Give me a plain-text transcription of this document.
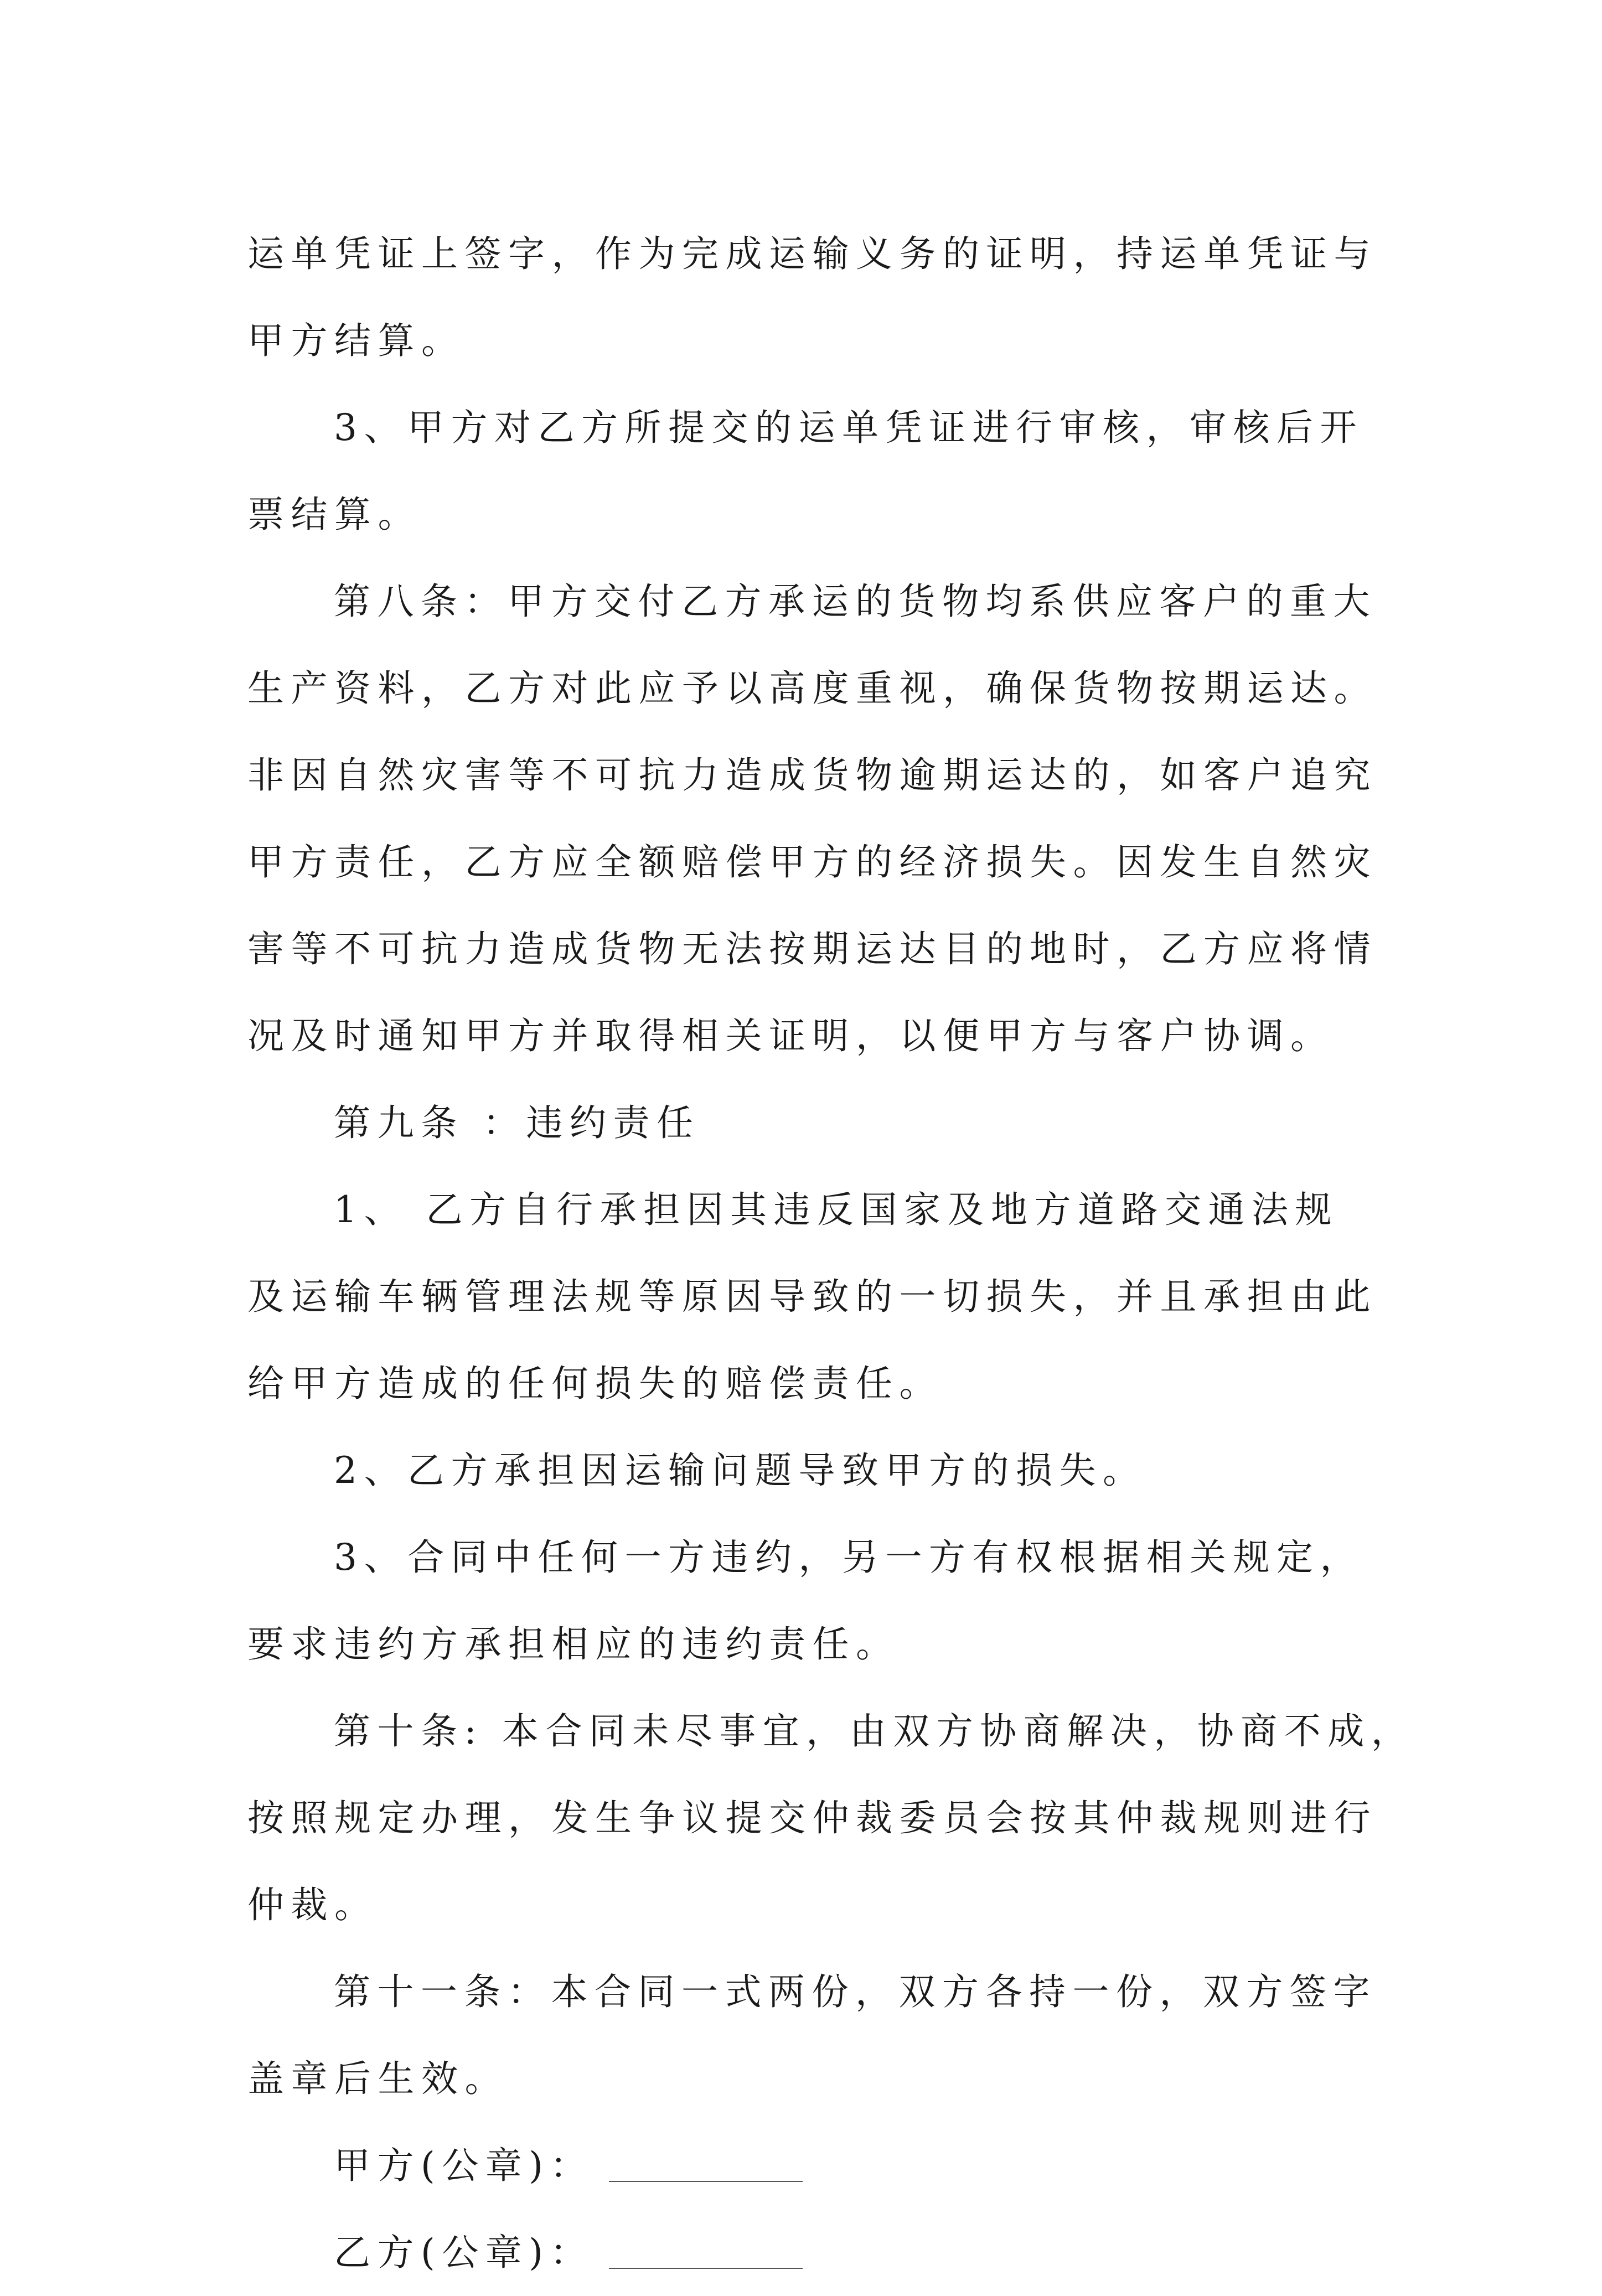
运单凭证上签字，作为完成运输义务的证明，持运单凭证与
甲方结算。
3、甲方对乙方所提交的运单凭证进行审核，审核后开
票结算。
第八条：甲方交付乙方承运的货物均系供应客户的重大
生产资料，乙方对此应予以高度重视，确保货物按期运达。
非因自然灾害等不可抗力造成货物逾期运达的，如客户追究
甲方责任，乙方应全额赔偿甲方的经济损失。因发生自然灾
害等不可抗力造成货物无法按期运达目的地时，乙方应将情
况及时通知甲方并取得相关证明，以便甲方与客户协调。
第九条 ：违约责任
1、 乙方自行承担因其违反国家及地方道路交通法规
及运输车辆管理法规等原因导致的一切损失，并且承担由此
给甲方造成的任何损失的赔偿责任。
2、乙方承担因运输问题导致甲方的损失。
3、合同中任何一方违约，另一方有权根据相关规定，
要求违约方承担相应的违约责任。
第十条: 本合同未尽事宜，由双方协商解决，协商不成，
按照规定办理，发生争议提交仲裁委员会按其仲裁规则进行
仲裁。
第十一条：本合同一式两份，双方各持一份，双方签字
盖章后生效。
甲方(公章)：
乙方(公章)：
